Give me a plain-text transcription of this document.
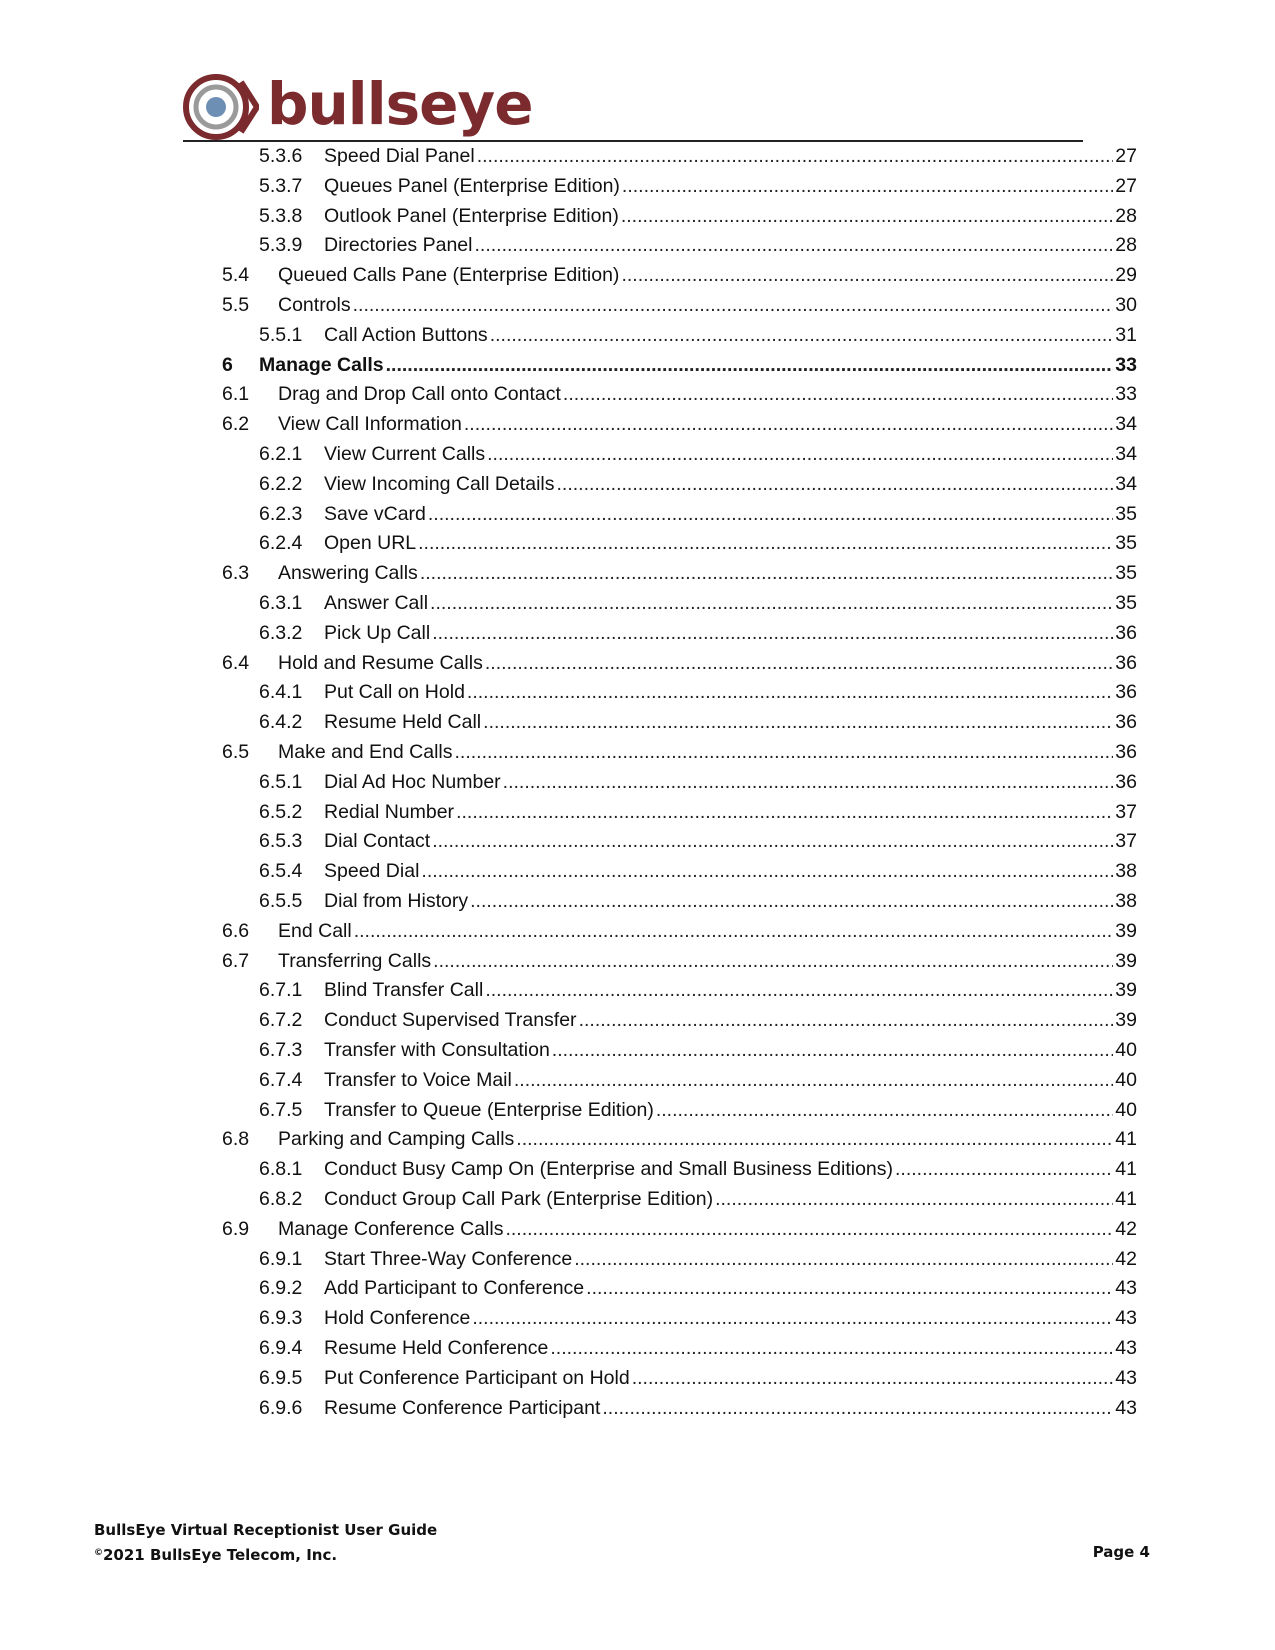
bullseye
5.3.6	Speed Dial Panel .....	27
5.3.7	Queues Panel (Enterprise Edition) .....	27
5.3.8	Outlook Panel (Enterprise Edition) .....	28
5.3.9	Directories Panel .....	28
5.4	Queued Calls Pane (Enterprise Edition) .....	29
5.5	Controls .....	30
5.5.1	Call Action Buttons .....	31
6	Manage Calls .....	33
6.1	Drag and Drop Call onto Contact .....	33
6.2	View Call Information .....	34
6.2.1	View Current Calls .....	34
6.2.2	View Incoming Call Details .....	34
6.2.3	Save vCard .....	35
6.2.4	Open URL .....	35
6.3	Answering Calls .....	35
6.3.1	Answer Call .....	35
6.3.2	Pick Up Call .....	36
6.4	Hold and Resume Calls .....	36
6.4.1	Put Call on Hold .....	36
6.4.2	Resume Held Call .....	36
6.5	Make and End Calls .....	36
6.5.1	Dial Ad Hoc Number .....	36
6.5.2	Redial Number .....	37
6.5.3	Dial Contact .....	37
6.5.4	Speed Dial .....	38
6.5.5	Dial from History .....	38
6.6	End Call .....	39
6.7	Transferring Calls .....	39
6.7.1	Blind Transfer Call .....	39
6.7.2	Conduct Supervised Transfer .....	39
6.7.3	Transfer with Consultation .....	40
6.7.4	Transfer to Voice Mail .....	40
6.7.5	Transfer to Queue (Enterprise Edition) .....	40
6.8	Parking and Camping Calls .....	41
6.8.1	Conduct Busy Camp On (Enterprise and Small Business Editions) .....	41
6.8.2	Conduct Group Call Park (Enterprise Edition) .....	41
6.9	Manage Conference Calls .....	42
6.9.1	Start Three-Way Conference .....	42
6.9.2	Add Participant to Conference .....	43
6.9.3	Hold Conference .....	43
6.9.4	Resume Held Conference .....	43
6.9.5	Put Conference Participant on Hold .....	43
6.9.6	Resume Conference Participant .....	43
BullsEye Virtual Receptionist User Guide
©2021 BullsEye Telecom, Inc.	Page 4
